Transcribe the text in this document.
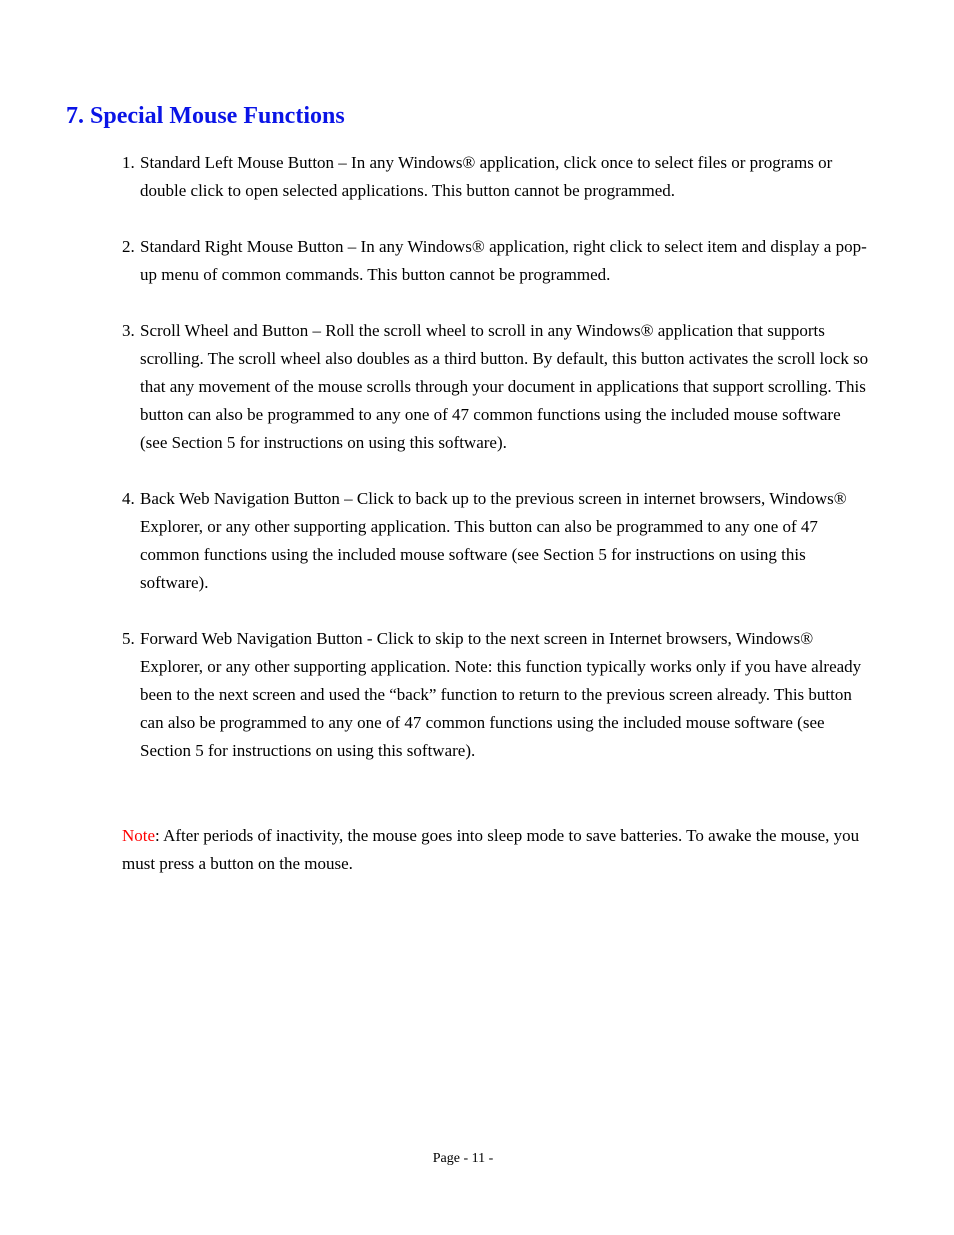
7. Special Mouse Functions
1. Standard Left Mouse Button – In any Windows® application, click once to select files or programs or double click to open selected applications. This button cannot be programmed.
2. Standard Right Mouse Button – In any Windows® application, right click to select item and display a pop-up menu of common commands. This button cannot be programmed.
3. Scroll Wheel and Button – Roll the scroll wheel to scroll in any Windows® application that supports scrolling. The scroll wheel also doubles as a third button. By default, this button activates the scroll lock so that any movement of the mouse scrolls through your document in applications that support scrolling. This button can also be programmed to any one of 47 common functions using the included mouse software (see Section 5 for instructions on using this software).
4. Back Web Navigation Button – Click to back up to the previous screen in internet browsers, Windows® Explorer, or any other supporting application. This button can also be programmed to any one of 47 common functions using the included mouse software (see Section 5 for instructions on using this software).
5. Forward Web Navigation Button - Click to skip to the next screen in Internet browsers, Windows® Explorer, or any other supporting application. Note: this function typically works only if you have already been to the next screen and used the “back” function to return to the previous screen already. This button can also be programmed to any one of 47 common functions using the included mouse software (see Section 5 for instructions on using this software).

Note: After periods of inactivity, the mouse goes into sleep mode to save batteries. To awake the mouse, you must press a button on the mouse.

Page - 11 -
